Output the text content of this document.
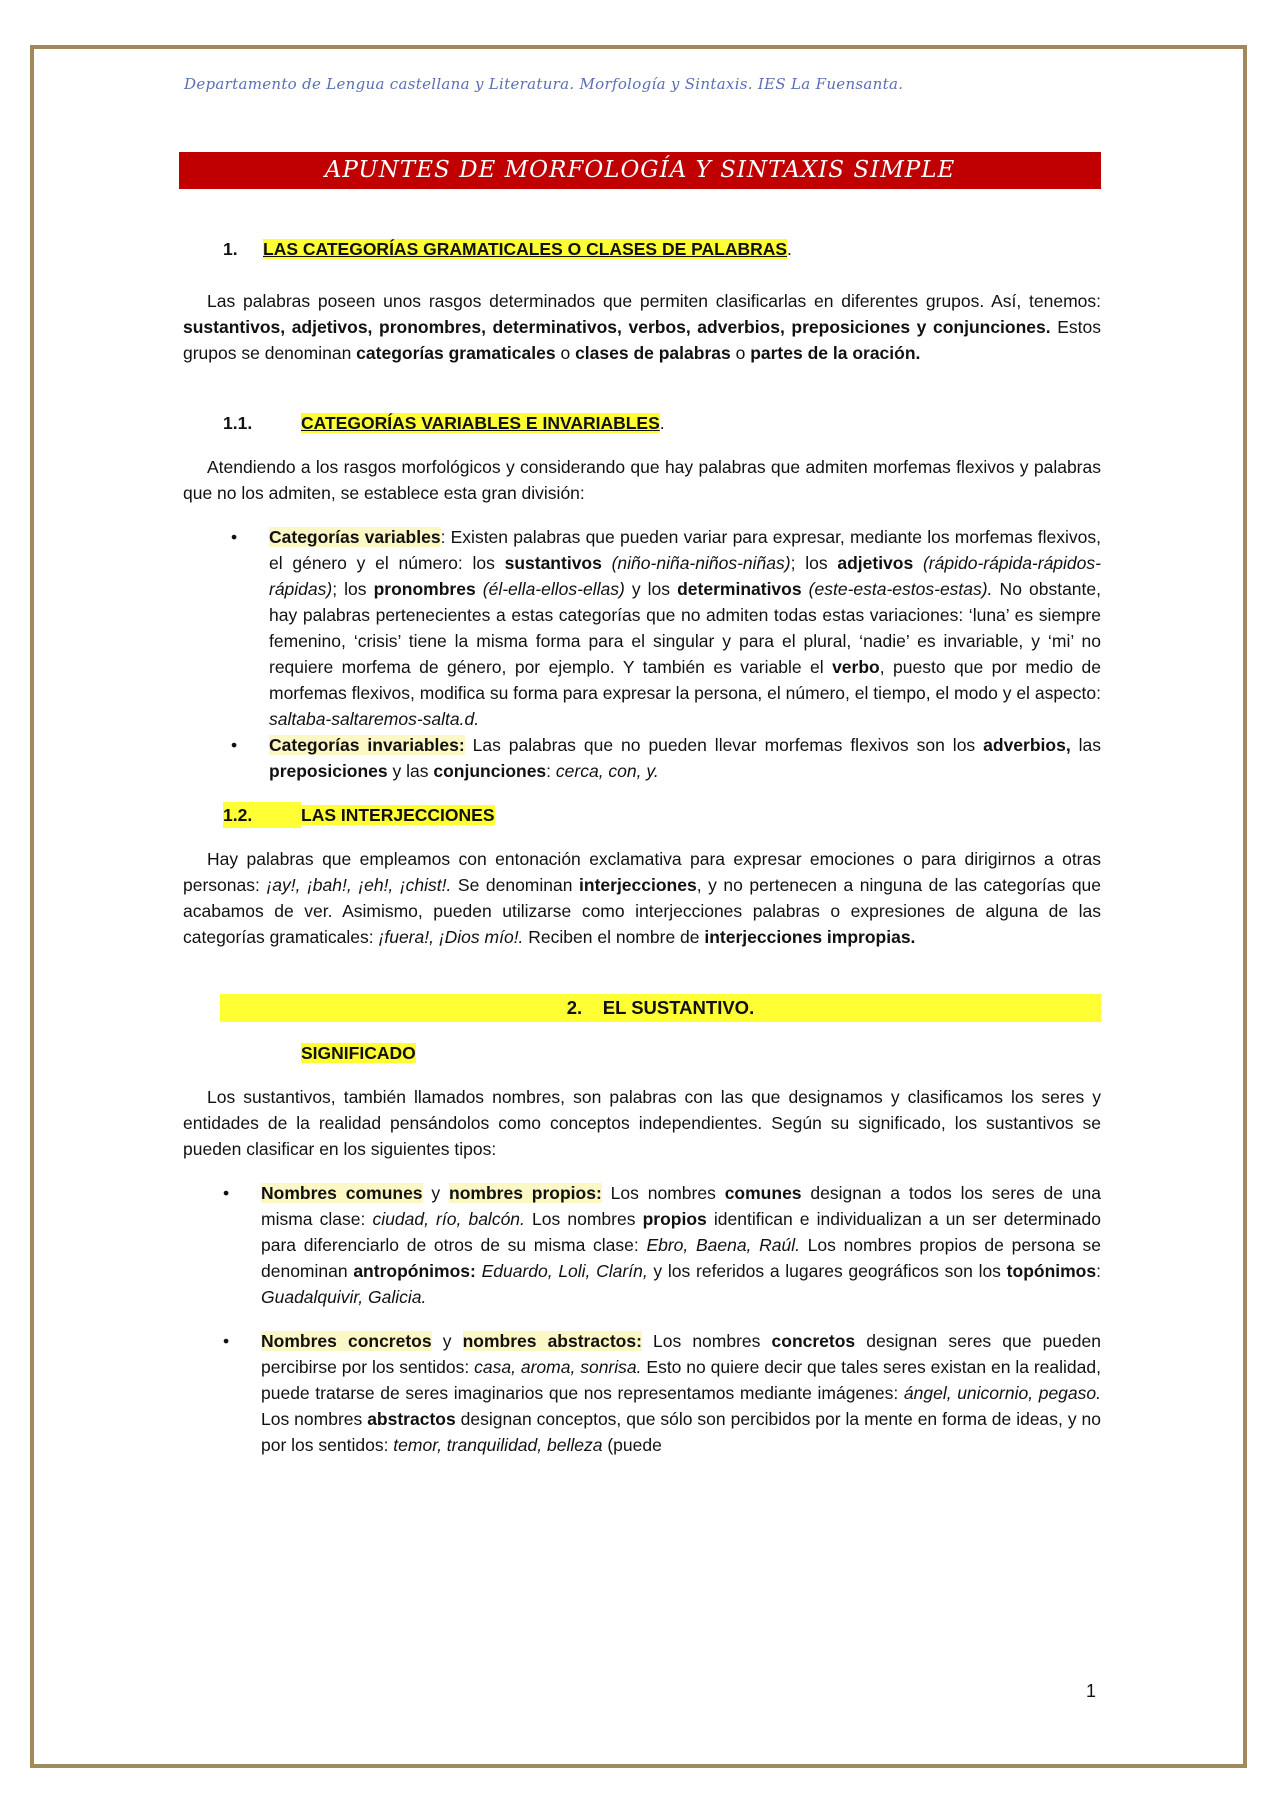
Departamento de Lengua castellana y Literatura. Morfología y Sintaxis. IES La Fuensanta.
APUNTES DE MORFOLOGÍA Y SINTAXIS SIMPLE
1. LAS CATEGORÍAS GRAMATICALES O CLASES DE PALABRAS.

Las palabras poseen unos rasgos determinados que permiten clasificarlas en diferentes grupos. Así, tenemos: sustantivos, adjetivos, pronombres, determinativos, verbos, adverbios, preposiciones y conjunciones. Estos grupos se denominan categorías gramaticales o clases de palabras o partes de la oración.

1.1.	CATEGORÍAS VARIABLES E INVARIABLES.

Atendiendo a los rasgos morfológicos y considerando que hay palabras que admiten morfemas flexivos y palabras que no los admiten, se establece esta gran división:

• Categorías variables: Existen palabras que pueden variar para expresar, mediante los morfemas flexivos, el género y el número: los sustantivos (niño-niña-niños-niñas); los adjetivos (rápido-rápida-rápidos-rápidas); los pronombres (él-ella-ellos-ellas) y los determinativos (este-esta-estos-estas). No obstante, hay palabras pertenecientes a estas categorías que no admiten todas estas variaciones: ‘luna’ es siempre femenino, ‘crisis’ tiene la misma forma para el singular y para el plural, ‘nadie’ es invariable, y ‘mi’ no requiere morfema de género, por ejemplo. Y también es variable el verbo, puesto que por medio de morfemas flexivos, modifica su forma para expresar la persona, el número, el tiempo, el modo y el aspecto: saltaba-saltaremos-salta.d.
• Categorías invariables: Las palabras que no pueden llevar morfemas flexivos son los adverbios, las preposiciones y las conjunciones: cerca, con, y.
1.2.	LAS INTERJECCIONES

Hay palabras que empleamos con entonación exclamativa para expresar emociones o para dirigirnos a otras personas: ¡ay!, ¡bah!, ¡eh!, ¡chist!. Se denominan interjecciones, y no pertenecen a ninguna de las categorías que acabamos de ver. Asimismo, pueden utilizarse como interjecciones palabras o expresiones de alguna de las categorías gramaticales: ¡fuera!, ¡Dios mío!. Reciben el nombre de interjecciones impropias.

2. EL SUSTANTIVO.
SIGNIFICADO

Los sustantivos, también llamados nombres, son palabras con las que designamos y clasificamos los seres y entidades de la realidad pensándolos como conceptos independientes. Según su significado, los sustantivos se pueden clasificar en los siguientes tipos:

• Nombres comunes y nombres propios: Los nombres comunes designan a todos los seres de una misma clase: ciudad, río, balcón. Los nombres propios identifican e individualizan a un ser determinado para diferenciarlo de otros de su misma clase: Ebro, Baena, Raúl. Los nombres propios de persona se denominan antropónimos: Eduardo, Loli, Clarín, y los referidos a lugares geográficos son los topónimos: Guadalquivir, Galicia.
• Nombres concretos y nombres abstractos: Los nombres concretos designan seres que pueden percibirse por los sentidos: casa, aroma, sonrisa. Esto no quiere decir que tales seres existan en la realidad, puede tratarse de seres imaginarios que nos representamos mediante imágenes: ángel, unicornio, pegaso. Los nombres abstractos designan conceptos, que sólo son percibidos por la mente en forma de ideas, y no por los sentidos: temor, tranquilidad, belleza (puede
1
